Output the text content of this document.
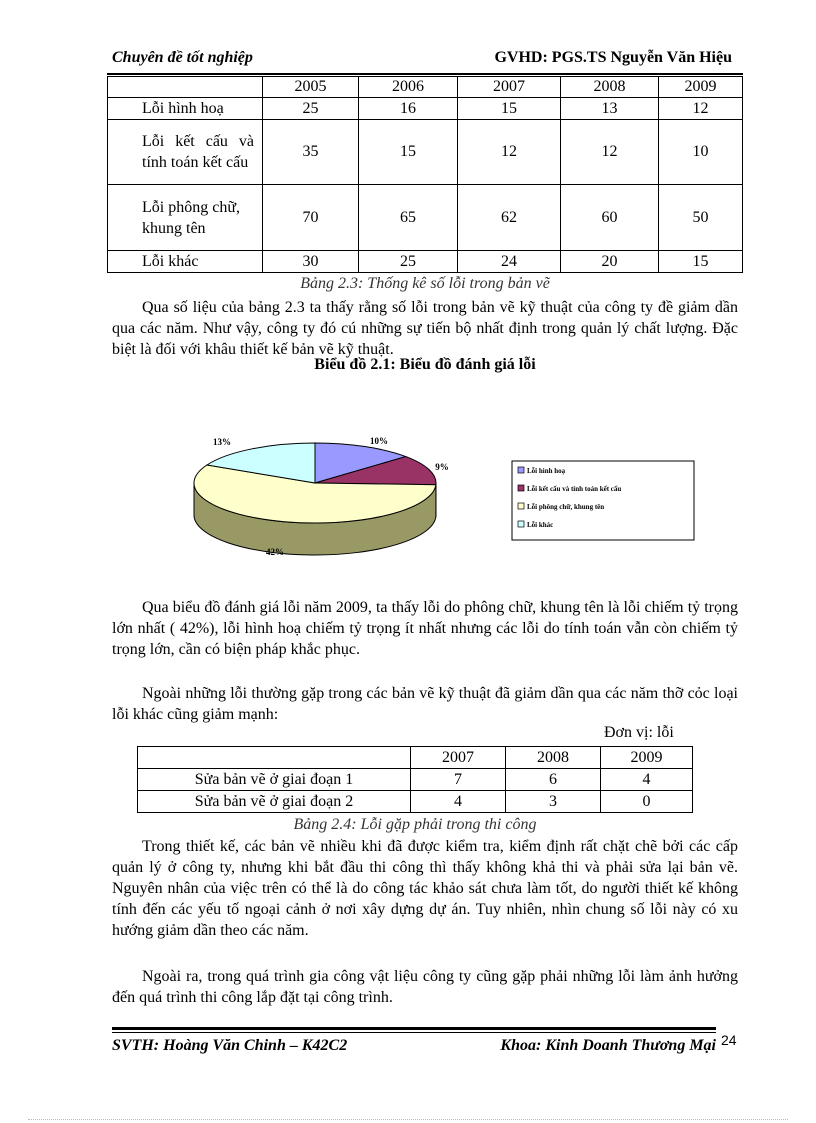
Chuyên đề tốt nghiệp	GVHD: PGS.TS Nguyễn Văn Hiệu
	2005	2006	2007	2008	2009
Lỗi hình hoạ	25	16	15	13	12
Lỗi kết cấu và tính toán kết cấu	35	15	12	12	10
Lỗi phông chữ, khung tên	70	65	62	60	50
Lỗi khác	30	25	24	20	15
Bảng 2.3: Thống kê số lỗi trong bản vẽ

Qua số liệu của bảng 2.3 ta thấy rằng số lỗi trong bản vẽ kỹ thuật của công ty đề giảm dần qua các năm. Như vậy, công ty đó cú những sự tiến bộ nhất định trong quản lý chất lượng. Đặc biệt là đối với khâu thiết kế bản vẽ kỹ thuật.

Biểu đồ 2.1: Biểu đồ đánh giá lỗi
10%
9%
42%
13%
Lỗi hình hoạ
Lỗi kết cấu và tính toán kết cấu
Lỗi phông chữ, khung tên
Lỗi khác

Qua biểu đồ đánh giá lỗi năm 2009, ta thấy lỗi do phông chữ, khung tên là lỗi chiếm tỷ trọng lớn nhất ( 42%), lỗi hình hoạ chiếm tỷ trọng ít nhất nhưng các lỗi do tính toán vẫn còn chiếm tỷ trọng lớn, cần có biện pháp khắc phục.

Ngoài những lỗi thường gặp trong các bản vẽ kỹ thuật đã giảm dần qua các năm thỡ cỏc loại lỗi khác cũng giảm mạnh:

Đơn vị: lỗi
	2007	2008	2009
Sửa bản vẽ ở giai đoạn 1	7	6	4
Sửa bản vẽ ở giai đoạn 2	4	3	0
Bảng 2.4: Lỗi gặp phải trong thi công

Trong thiết kế, các bản vẽ nhiều khi đã được kiểm tra, kiểm định rất chặt chẽ bởi các cấp quản lý ở công ty, nhưng khi bắt đầu thi công thì thấy không khả thi và phải sửa lại bản vẽ. Nguyên nhân của việc trên có thể là do công tác khảo sát chưa làm tốt, do người thiết kế không tính đến các yếu tố ngoại cảnh ở nơi xây dựng dự án. Tuy nhiên, nhìn chung số lỗi này có xu hướng giảm dần theo các năm.

Ngoài ra, trong quá trình gia công vật liệu công ty cũng gặp phải những lỗi làm ảnh hưởng đến quá trình thi công lắp đặt tại công trình.

SVTH: Hoàng Văn Chinh – K42C2	Khoa: Kinh Doanh Thương Mại 24
